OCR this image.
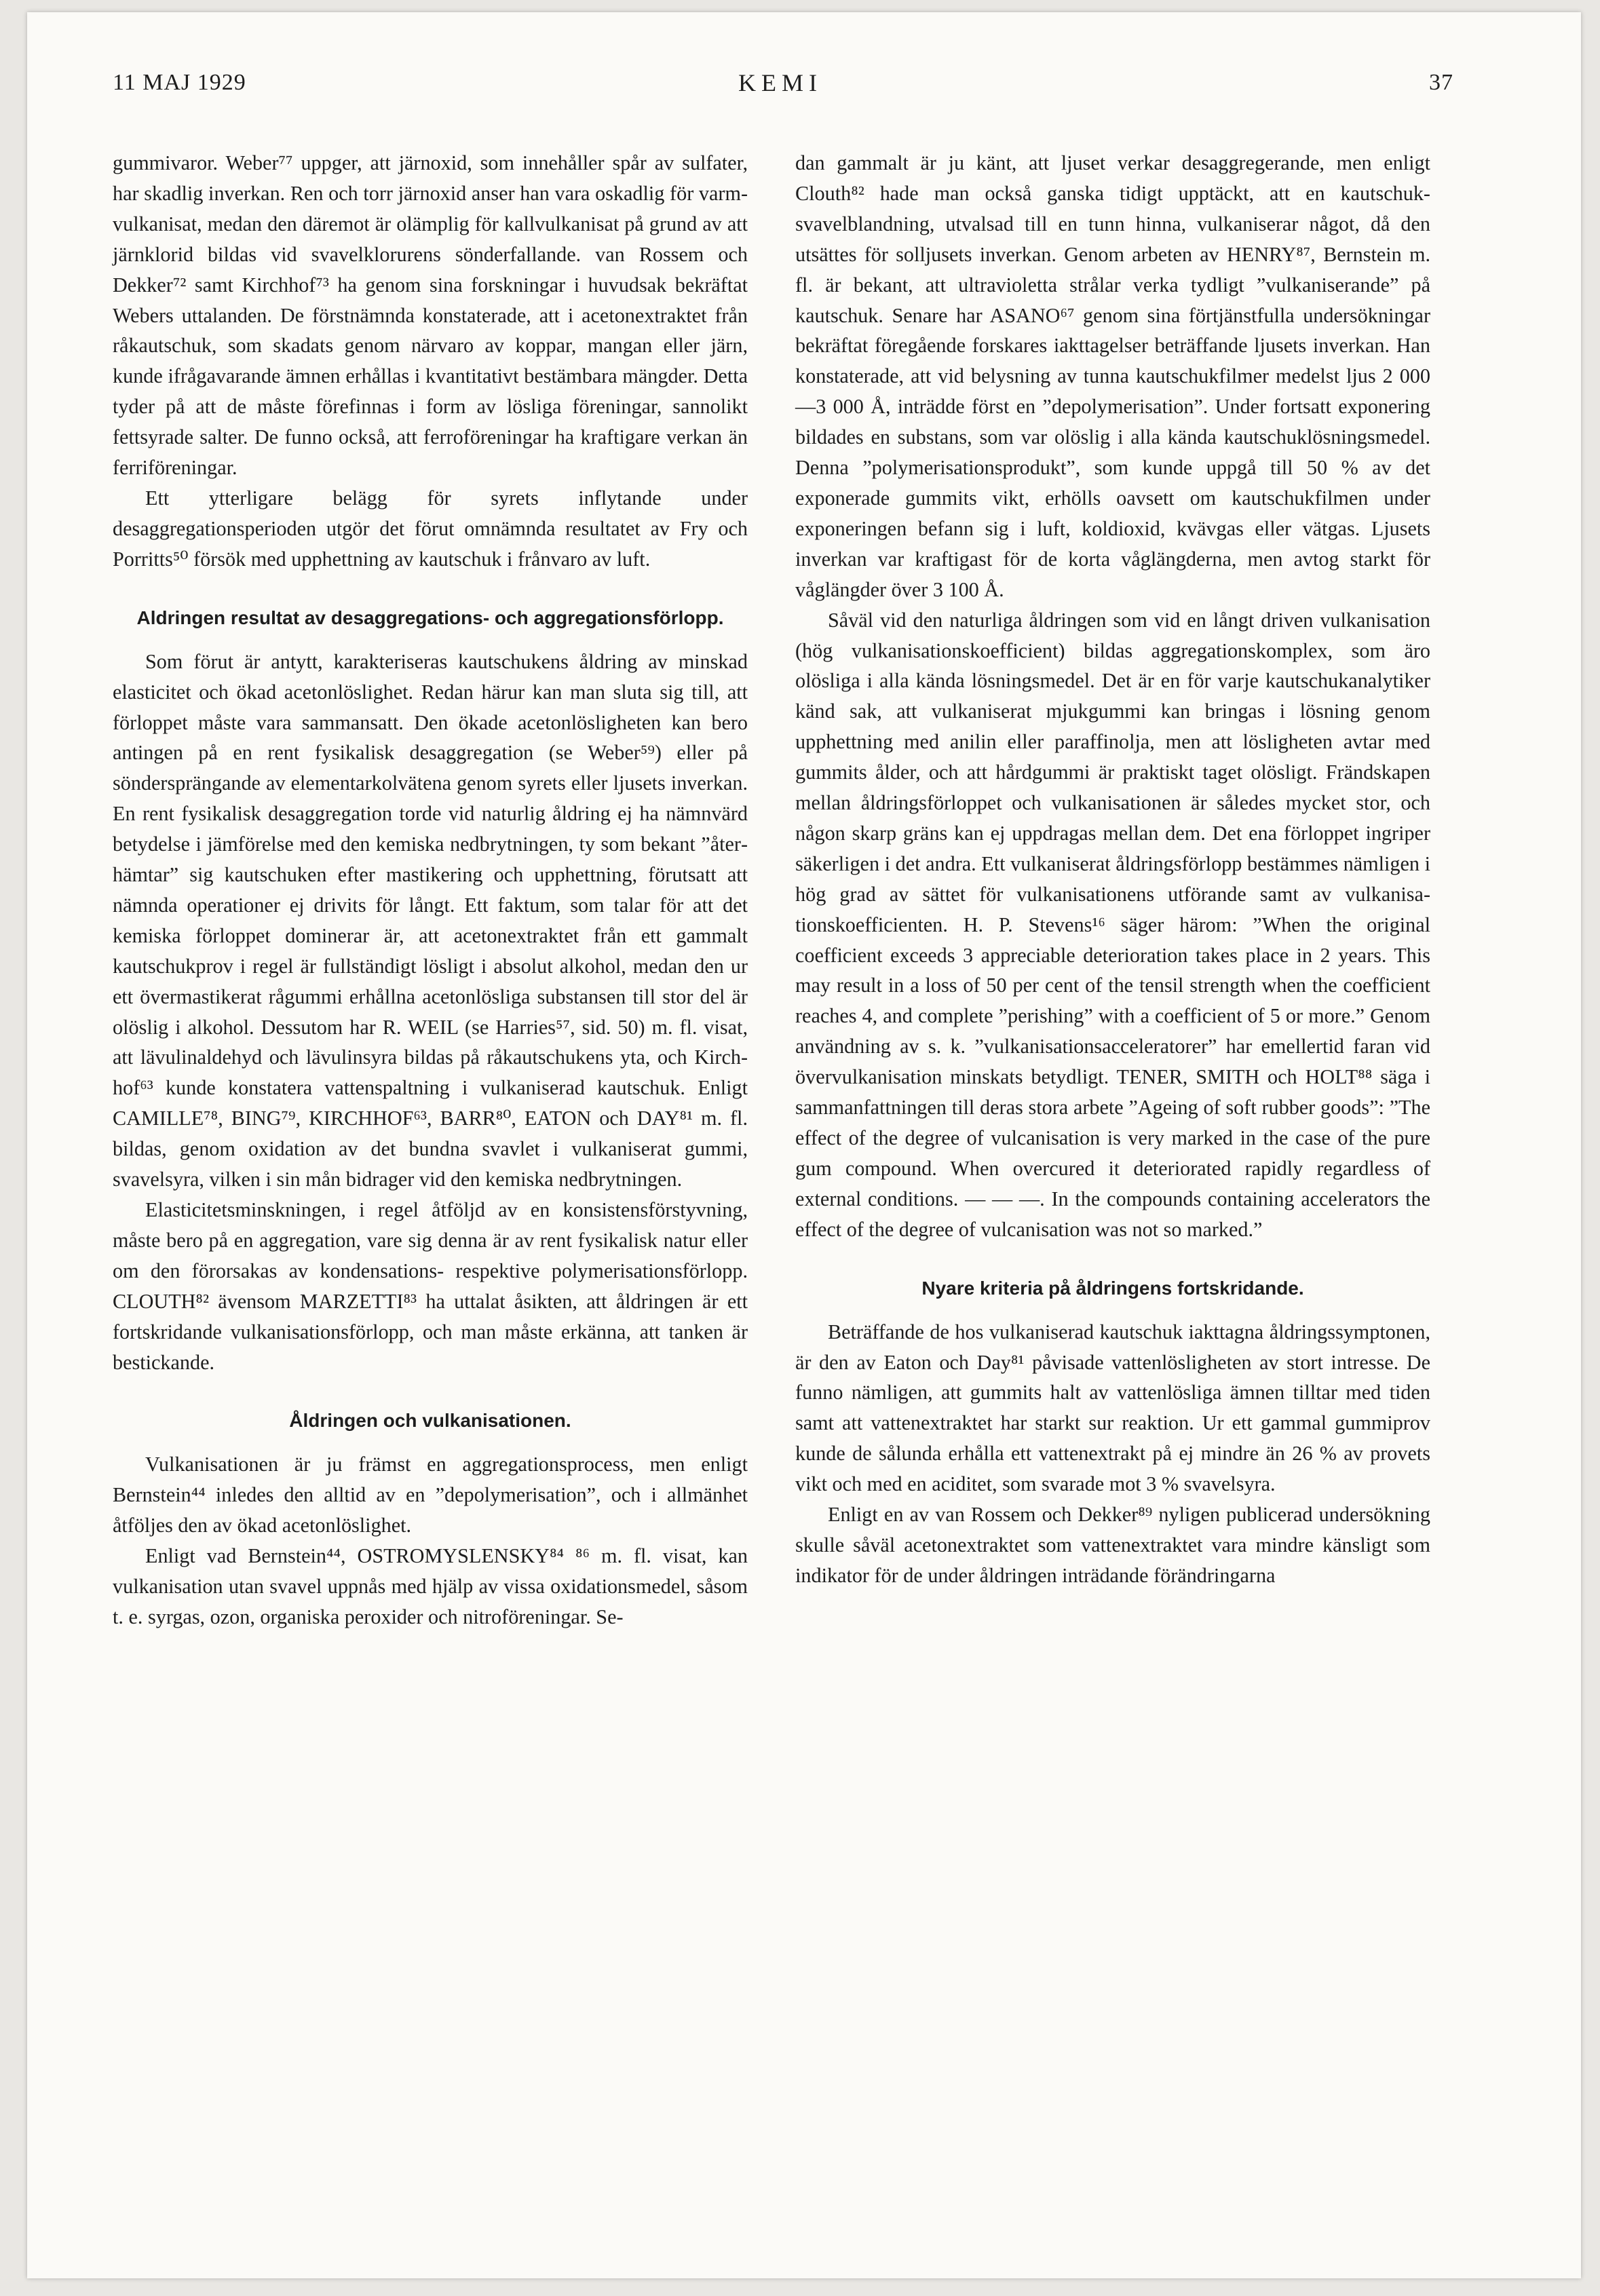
11 MAJ 1929	KEMI	37

gummivaror. Weber⁷⁷ uppger, att järnoxid, som innehåller spår av sulfater, har skadlig inverkan. Ren och torr järnoxid anser han vara oskadlig för varmvulkanisat, medan den däremot är olämplig för kallvulkanisat på grund av att järnklorid bildas vid svavelklorurens sönderfallande. van Rossem och Dekker⁷² samt Kirchhof⁷³ ha genom sina forskningar i huvudsak bekräftat Webers uttalanden. De förstnämnda konstaterade, att i acetonextraktet från råkautschuk, som skadats genom närvaro av koppar, mangan eller järn, kunde ifrågavarande ämnen erhållas i kvantitativt bestämbara mängder. Detta tyder på att de måste förefinnas i form av lösliga föreningar, sannolikt fettsyrade salter. De funno också, att ferroföreningar ha kraftigare verkan än ferriföreningar.

Ett ytterligare belägg för syrets inflytande under desaggregationsperioden utgör det förut omnämnda resultatet av Fry och Porritts⁵⁰ försök med upphettning av kautschuk i frånvaro av luft.

Aldringen resultat av desaggregations- och aggregationsförlopp.

Som förut är antytt, karakteriseras kautschukens åldring av minskad elasticitet och ökad acetonlöslighet. Redan härur kan man sluta sig till, att förloppet måste vara sammansatt. Den ökade acetonlösligheten kan bero antingen på en rent fysikalisk desaggregation (se Weber⁵⁹) eller på söndersprängande av elementarkolvätena genom syrets eller ljusets inverkan. En rent fysikalisk desaggregation torde vid naturlig åldring ej ha nämnvärd betydelse i jämförelse med den kemiska nedbrytningen, ty som bekant ”återhämtar” sig kautschuken efter mastikering och upphettning, förutsatt att nämnda operationer ej drivits för långt. Ett faktum, som talar för att det kemiska förloppet dominerar är, att acetonextraktet från ett gammalt kautschukprov i regel är fullständigt lösligt i absolut alkohol, medan den ur ett övermastikerat rågummi erhållna acetonlösliga substansen till stor del är olöslig i alkohol. Dessutom har R. WEIL (se Harries⁵⁷, sid. 50) m. fl. visat, att lävulinaldehyd och lävulinsyra bildas på råkautschukens yta, och Kirchhof⁶³ kunde konstatera vattenspaltning i vulkaniserad kautschuk. Enligt CAMILLE⁷⁸, BING⁷⁹, KIRCHHOF⁶³, BARR⁸⁰, EATON och DAY⁸¹ m. fl. bildas, genom oxidation av det bundna svavlet i vulkaniserat gummi, svavelsyra, vilken i sin mån bidrager vid den kemiska nedbrytningen.

Elasticitetsminskningen, i regel åtföljd av en konsistensförstyvning, måste bero på en aggregation, vare sig denna är av rent fysikalisk natur eller om den förorsakas av kondensations- respektive polymerisationsförlopp. CLOUTH⁸² ävensom MARZETTI⁸³ ha uttalat åsikten, att åldringen är ett fortskridande vulkanisationsförlopp, och man måste erkänna, att tanken är bestickande.

Åldringen och vulkanisationen.

Vulkanisationen är ju främst en aggregationsprocess, men enligt Bernstein⁴⁴ inledes den alltid av en ”depolymerisation”, och i allmänhet åtföljes den av ökad acetonlöslighet.

Enligt vad Bernstein⁴⁴, OSTROMYSLENSKY⁸⁴ ⁸⁶ m. fl. visat, kan vulkanisation utan svavel uppnås med hjälp av vissa oxidationsmedel, såsom t. e. syrgas, ozon, organiska peroxider och nitroföreningar. Se-

dan gammalt är ju känt, att ljuset verkar desaggregerande, men enligt Clouth⁸² hade man också ganska tidigt upptäckt, att en kautschuk-svavelblandning, utvalsad till en tunn hinna, vulkaniserar något, då den utsättes för solljusets inverkan. Genom arbeten av HENRY⁸⁷, Bernstein m. fl. är bekant, att ultravioletta strålar verka tydligt ”vulkaniserande” på kautschuk. Senare har ASANO⁶⁷ genom sina förtjänstfulla undersökningar bekräftat föregående forskares iakttagelser beträffande ljusets inverkan. Han konstaterade, att vid belysning av tunna kautschukfilmer medelst ljus 2 000—3 000 Å, inträdde först en ”depolymerisation”. Under fortsatt exponering bildades en substans, som var olöslig i alla kända kautschuklösningsmedel. Denna ”polymerisationsprodukt”, som kunde uppgå till 50 % av det exponerade gummits vikt, erhölls oavsett om kautschukfilmen under exponeringen befann sig i luft, koldioxid, kvävgas eller vätgas. Ljusets inverkan var kraftigast för de korta våglängderna, men avtog starkt för våglängder över 3 100 Å.

Såväl vid den naturliga åldringen som vid en långt driven vulkanisation (hög vulkanisationskoefficient) bildas aggregationskomplex, som äro olösliga i alla kända lösningsmedel. Det är en för varje kautschukanalytiker känd sak, att vulkaniserat mjukgummi kan bringas i lösning genom upphettning med anilin eller paraffinolja, men att lösligheten avtar med gummits ålder, och att hårdgummi är praktiskt taget olösligt. Frändskapen mellan åldringsförloppet och vulkanisationen är således mycket stor, och någon skarp gräns kan ej uppdragas mellan dem. Det ena förloppet ingriper säkerligen i det andra. Ett vulkaniserat åldringsförlopp bestämmes nämligen i hög grad av sättet för vulkanisationens utförande samt av vulkanisationskoefficienten. H. P. Stevens¹⁶ säger härom: ”When the original coefficient exceeds 3 appreciable deterioration takes place in 2 years. This may result in a loss of 50 per cent of the tensil strength when the coefficient reaches 4, and complete ”perishing” with a coefficient of 5 or more.” Genom användning av s. k. ”vulkanisationsacceleratorer” har emellertid faran vid övervulkanisation minskats betydligt. TENER, SMITH och HOLT⁸⁸ säga i sammanfattningen till deras stora arbete ”Ageing of soft rubber goods”: ”The effect of the degree of vulcanisation is very marked in the case of the pure gum compound. When overcured it deteriorated rapidly regardless of external conditions. — — —. In the compounds containing accelerators the effect of the degree of vulcanisation was not so marked.”

Nyare kriteria på åldringens fortskridande.

Beträffande de hos vulkaniserad kautschuk iakttagna åldringssymptonen, är den av Eaton och Day⁸¹ påvisade vattenlösligheten av stort intresse. De funno nämligen, att gummits halt av vattenlösliga ämnen tilltar med tiden samt att vattenextraktet har starkt sur reaktion. Ur ett gammal gummiprov kunde de sålunda erhålla ett vattenextrakt på ej mindre än 26 % av provets vikt och med en aciditet, som svarade mot 3 % svavelsyra.

Enligt en av van Rossem och Dekker⁸⁹ nyligen publicerad undersökning skulle såväl acetonextraktet som vattenextraktet vara mindre känsligt som indikator för de under åldringen inträdande förändringarna
